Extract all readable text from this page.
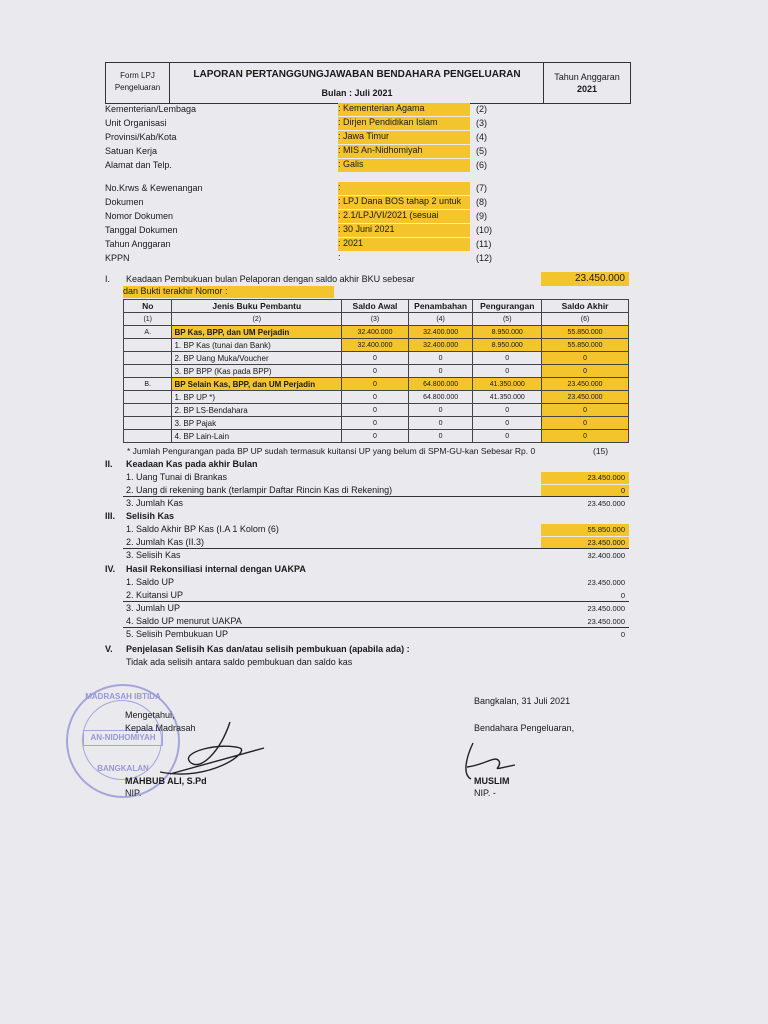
Form LPJ
Pengeluaran
LAPORAN PERTANGGUNGJAWABAN BENDAHARA PENGELUARAN
Bulan : Juli 2021
Tahun Anggaran
2021
Kementerian/Lembaga	: Kementerian Agama	(2)
Unit Organisasi	: Dirjen Pendidikan Islam	(3)
Provinsi/Kab/Kota	: Jawa Timur	(4)
Satuan Kerja	: MIS An-Nidhomiyah	(5)
Alamat dan Telp.	: Galis	(6)
No.Krws & Kewenangan	:	(7)
Dokumen	: LPJ Dana BOS tahap 2 untuk	(8)
Nomor Dokumen	: 2.1/LPJ/VI/2021 (sesuai	(9)
Tanggal Dokumen	: 30 Juni 2021	(10)
Tahun Anggaran	: 2021	(11)
KPPN	:	(12)
I. Keadaan Pembukuan bulan Pelaporan dengan saldo akhir BKU sebesar	23.450.000
dan Bukti terakhir Nomor :
No	Jenis Buku Pembantu	Saldo Awal	Penambahan	Pengurangan	Saldo Akhir
(1)	(2)	(3)	(4)	(5)	(6)
A.	BP Kas, BPP, dan UM Perjadin	32.400.000	32.400.000	8.950.000	55.850.000
	1. BP Kas (tunai dan Bank)	32.400.000	32.400.000	8.950.000	55.850.000
	2. BP Uang Muka/Voucher	0	0	0	0
	3. BP BPP (Kas pada BPP)	0	0	0	0
B.	BP Selain Kas, BPP, dan UM Perjadin	0	64.800.000	41.350.000	23.450.000
	1. BP UP *)	0	64.800.000	41.350.000	23.450.000
	2. BP LS-Bendahara	0	0	0	0
	3. BP Pajak	0	0	0	0
	4. BP Lain-Lain	0	0	0	0
* Jumlah Pengurangan pada BP UP sudah termasuk kuitansi UP yang belum di SPM-GU-kan Sebesar Rp. 0	(15)
II. Keadaan Kas pada akhir Bulan
1. Uang Tunai di Brankas	23.450.000
2. Uang di rekening bank (terlampir Daftar Rincin Kas di Rekening)	0
3. Jumlah Kas	23.450.000
III. Selisih Kas
1. Saldo Akhir BP Kas (I.A 1 Kolom (6)	55.850.000
2. Jumlah Kas (II.3)	23.450.000
3. Selisih Kas	32.400.000
IV. Hasil Rekonsiliasi internal dengan UAKPA
1. Saldo UP	23.450.000
2. Kuitansi UP	0
3. Jumlah UP	23.450.000
4. Saldo UP menurut UAKPA	23.450.000
5. Selisih Pembukuan UP	0
V. Penjelasan Selisih Kas dan/atau selisih pembukuan (apabila ada) :
Tidak ada selisih antara saldo pembukuan dan saldo kas
MADRASAH IBTIDA
AN-NIDHOMIYAH
BANGKALAN
Mengetahui,
Kepala Madrasah
MAHBUB ALI, S.Pd
NIP.
Bangkalan, 31 Juli 2021
Bendahara Pengeluaran,
MUSLIM
NIP. -
